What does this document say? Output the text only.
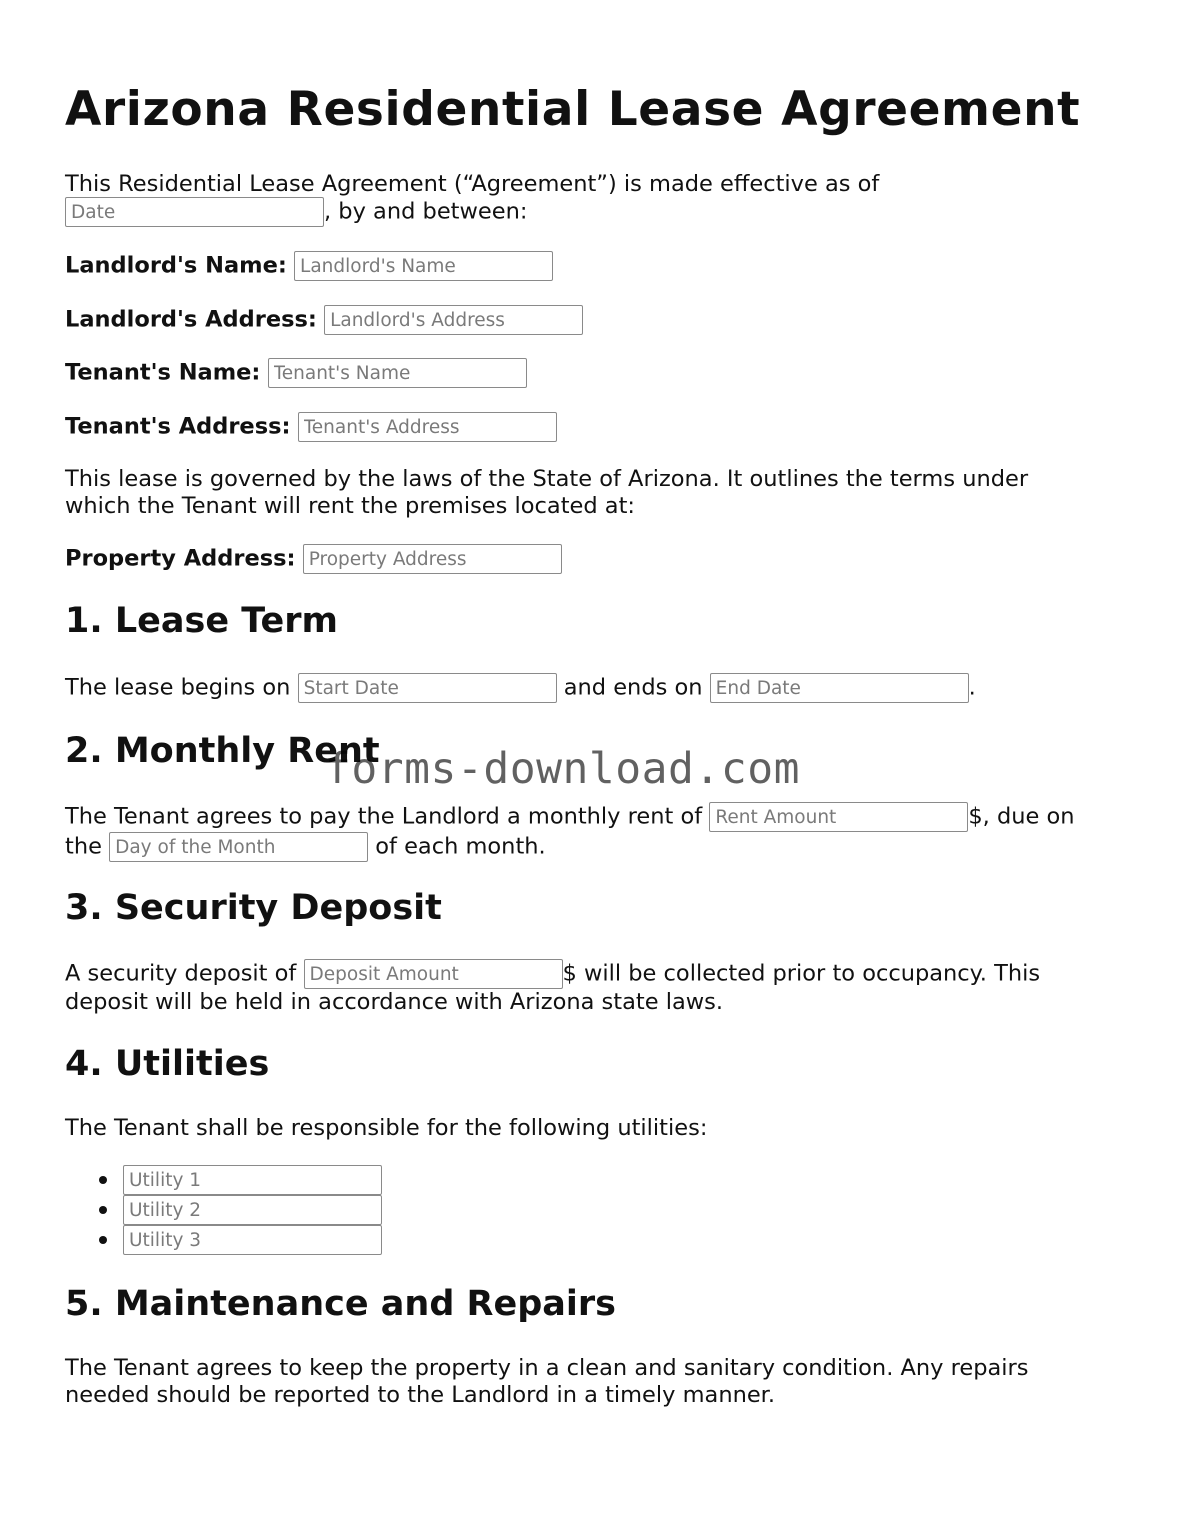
Arizona Residential Lease Agreement
This Residential Lease Agreement (“Agreement”) is made effective as of
Date, by and between:
Landlord's Name: Landlord's Name
Landlord's Address: Landlord's Address
Tenant's Name: Tenant's Name
Tenant's Address: Tenant's Address
This lease is governed by the laws of the State of Arizona. It outlines the terms under
which the Tenant will rent the premises located at:
Property Address: Property Address
1. Lease Term
The lease begins on Start Date	and ends on End Date	.
2. Monthly Rent
The Tenant agrees to pay the Landlord a monthly rent of Rent Amount	$, due on
the Day of the Month	of each month.
3. Security Deposit
A security deposit of Deposit Amount	$ will be collected prior to occupancy. This
deposit will be held in accordance with Arizona state laws.
4. Utilities
The Tenant shall be responsible for the following utilities:
Utility 1
Utility 2
Utility 3
5. Maintenance and Repairs
The Tenant agrees to keep the property in a clean and sanitary condition. Any repairs
needed should be reported to the Landlord in a timely manner.
forms-download.com
